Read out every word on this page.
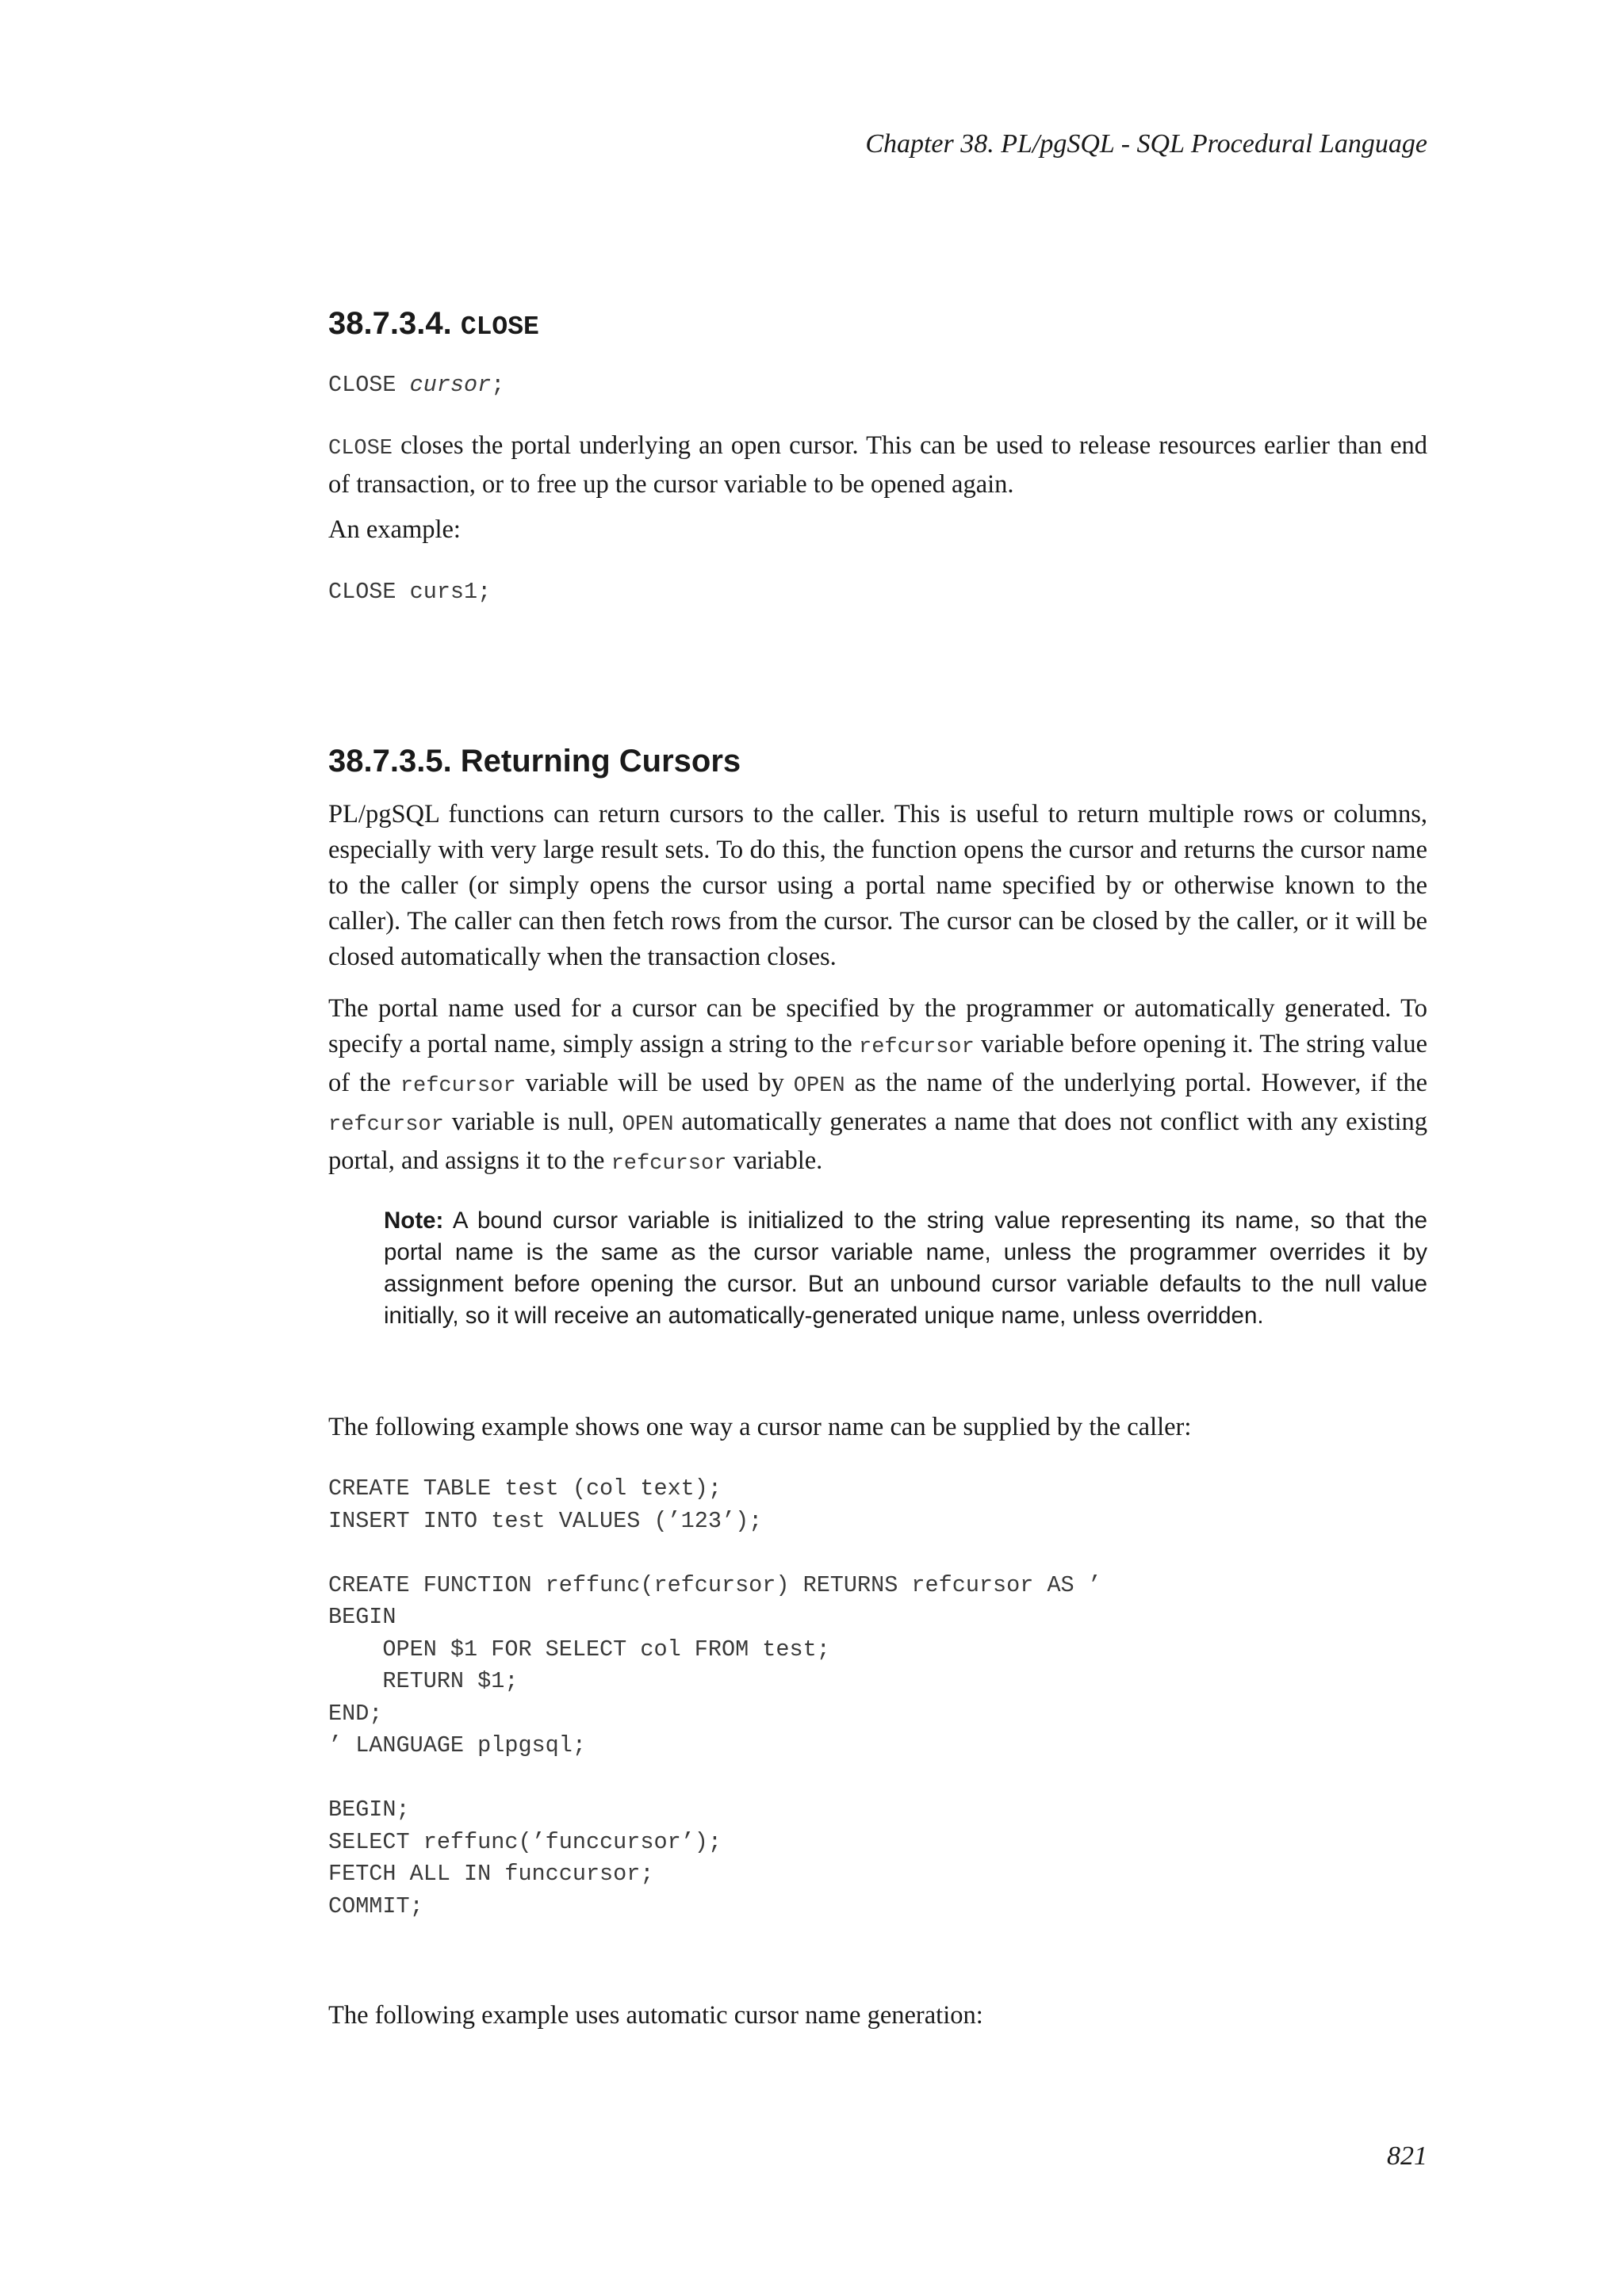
Chapter 38. PL/pgSQL - SQL Procedural Language
38.7.3.4. CLOSE
CLOSE cursor;

CLOSE closes the portal underlying an open cursor. This can be used to release resources earlier than end of transaction, or to free up the cursor variable to be opened again.

An example:

CLOSE curs1;
38.7.3.5. Returning Cursors

PL/pgSQL functions can return cursors to the caller. This is useful to return multiple rows or columns, especially with very large result sets. To do this, the function opens the cursor and returns the cursor name to the caller (or simply opens the cursor using a portal name specified by or otherwise known to the caller). The caller can then fetch rows from the cursor. The cursor can be closed by the caller, or it will be closed automatically when the transaction closes.

The portal name used for a cursor can be specified by the programmer or automatically generated. To specify a portal name, simply assign a string to the refcursor variable before opening it. The string value of the refcursor variable will be used by OPEN as the name of the underlying portal. However, if the refcursor variable is null, OPEN automatically generates a name that does not conflict with any existing portal, and assigns it to the refcursor variable.

Note: A bound cursor variable is initialized to the string value representing its name, so that the portal name is the same as the cursor variable name, unless the programmer overrides it by assignment before opening the cursor. But an unbound cursor variable defaults to the null value initially, so it will receive an automatically-generated unique name, unless overridden.

The following example shows one way a cursor name can be supplied by the caller:

CREATE TABLE test (col text);
INSERT INTO test VALUES (’123’);

CREATE FUNCTION reffunc(refcursor) RETURNS refcursor AS ’
BEGIN
OPEN $1 FOR SELECT col FROM test;
RETURN $1;
END;
’ LANGUAGE plpgsql;

BEGIN;
SELECT reffunc(’funccursor’);
FETCH ALL IN funccursor;
COMMIT;

The following example uses automatic cursor name generation:

821
